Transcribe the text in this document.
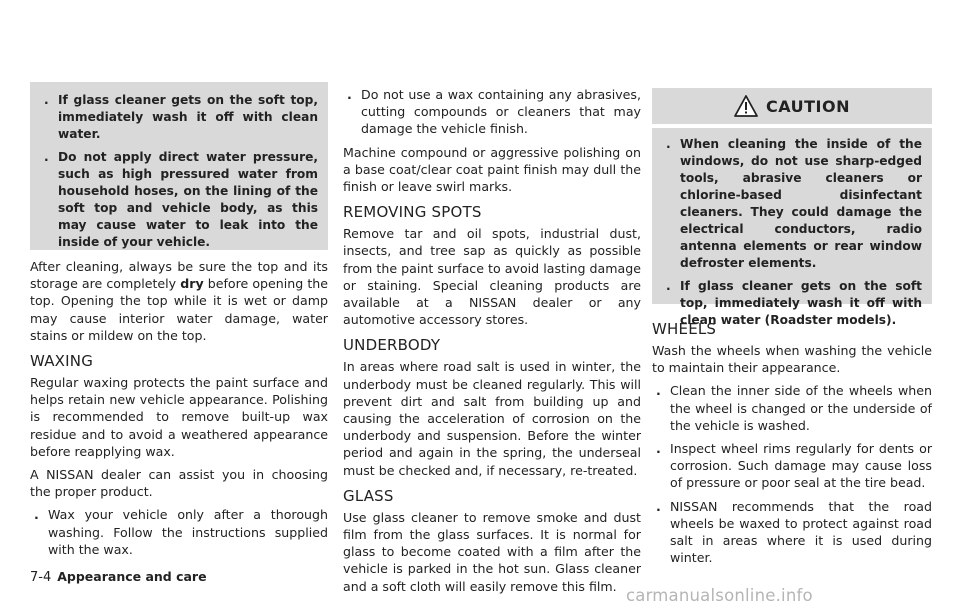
. If glass cleaner gets on the soft top, immediately wash it off with clean water.
. Do not apply direct water pressure, such as high pressured water from household hoses, on the lining of the soft top and vehicle body, as this may cause water to leak into the inside of your vehicle.

After cleaning, always be sure the top and its storage are completely dry before opening the top. Opening the top while it is wet or damp may cause interior water damage, water stains or mildew on the top.

WAXING

Regular waxing protects the paint surface and helps retain new vehicle appearance. Polishing is recommended to remove built-up wax residue and to avoid a weathered appearance before reapplying wax.

A NISSAN dealer can assist you in choosing the proper product.

. Wax your vehicle only after a thorough washing. Follow the instructions supplied with the wax.
. Do not use a wax containing any abrasives, cutting compounds or cleaners that may damage the vehicle finish.

Machine compound or aggressive polishing on a base coat/clear coat paint finish may dull the finish or leave swirl marks.

REMOVING SPOTS

Remove tar and oil spots, industrial dust, insects, and tree sap as quickly as possible from the paint surface to avoid lasting damage or staining. Special cleaning products are available at a NISSAN dealer or any automotive accessory stores.

UNDERBODY

In areas where road salt is used in winter, the underbody must be cleaned regularly. This will prevent dirt and salt from building up and causing the acceleration of corrosion on the underbody and suspension. Before the winter period and again in the spring, the underseal must be checked and, if necessary, re-treated.

GLASS

Use glass cleaner to remove smoke and dust film from the glass surfaces. It is normal for glass to become coated with a film after the vehicle is parked in the hot sun. Glass cleaner and a soft cloth will easily remove this film.

CAUTION
. When cleaning the inside of the windows, do not use sharp-edged tools, abrasive cleaners or chlorine-based disinfectant cleaners. They could damage the electrical conductors, radio antenna elements or rear window defroster elements.
. If glass cleaner gets on the soft top, immediately wash it off with clean water (Roadster models).
WHEELS

Wash the wheels when washing the vehicle to maintain their appearance.

. Clean the inner side of the wheels when the wheel is changed or the underside of the vehicle is washed.
. Inspect wheel rims regularly for dents or corrosion. Such damage may cause loss of pressure or poor seal at the tire bead.
. NISSAN recommends that the road wheels be waxed to protect against road salt in areas where it is used during winter.
7-4 Appearance and care
carmanualsonline.info
